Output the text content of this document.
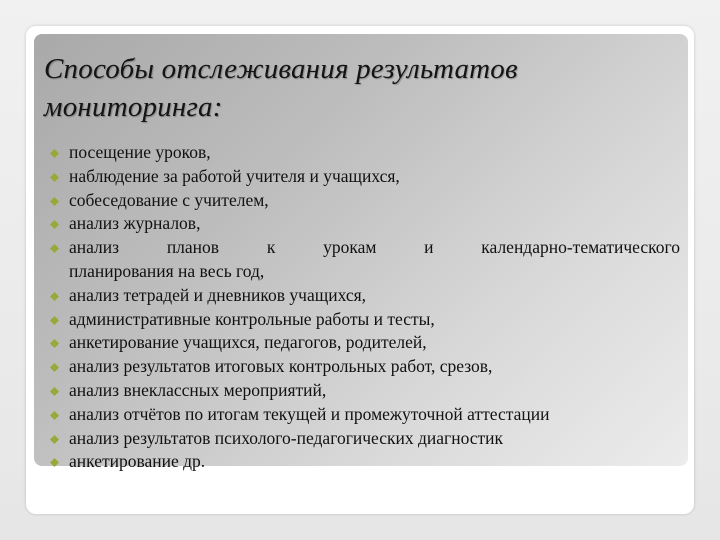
Способы отслеживания результатов
мониторинга:
посещение уроков,
наблюдение за работой учителя и учащихся,
собеседование с учителем,
анализ журналов,
анализ планов к урокам и календарно-тематического
планирования на весь год,
анализ тетрадей и дневников учащихся,
административные контрольные работы и тесты,
анкетирование учащихся, педагогов, родителей,
анализ результатов итоговых контрольных работ, срезов,
анализ внеклассных мероприятий,
анализ отчётов по итогам текущей и промежуточной аттестации
анализ результатов психолого-педагогических диагностик
анкетирование др.
